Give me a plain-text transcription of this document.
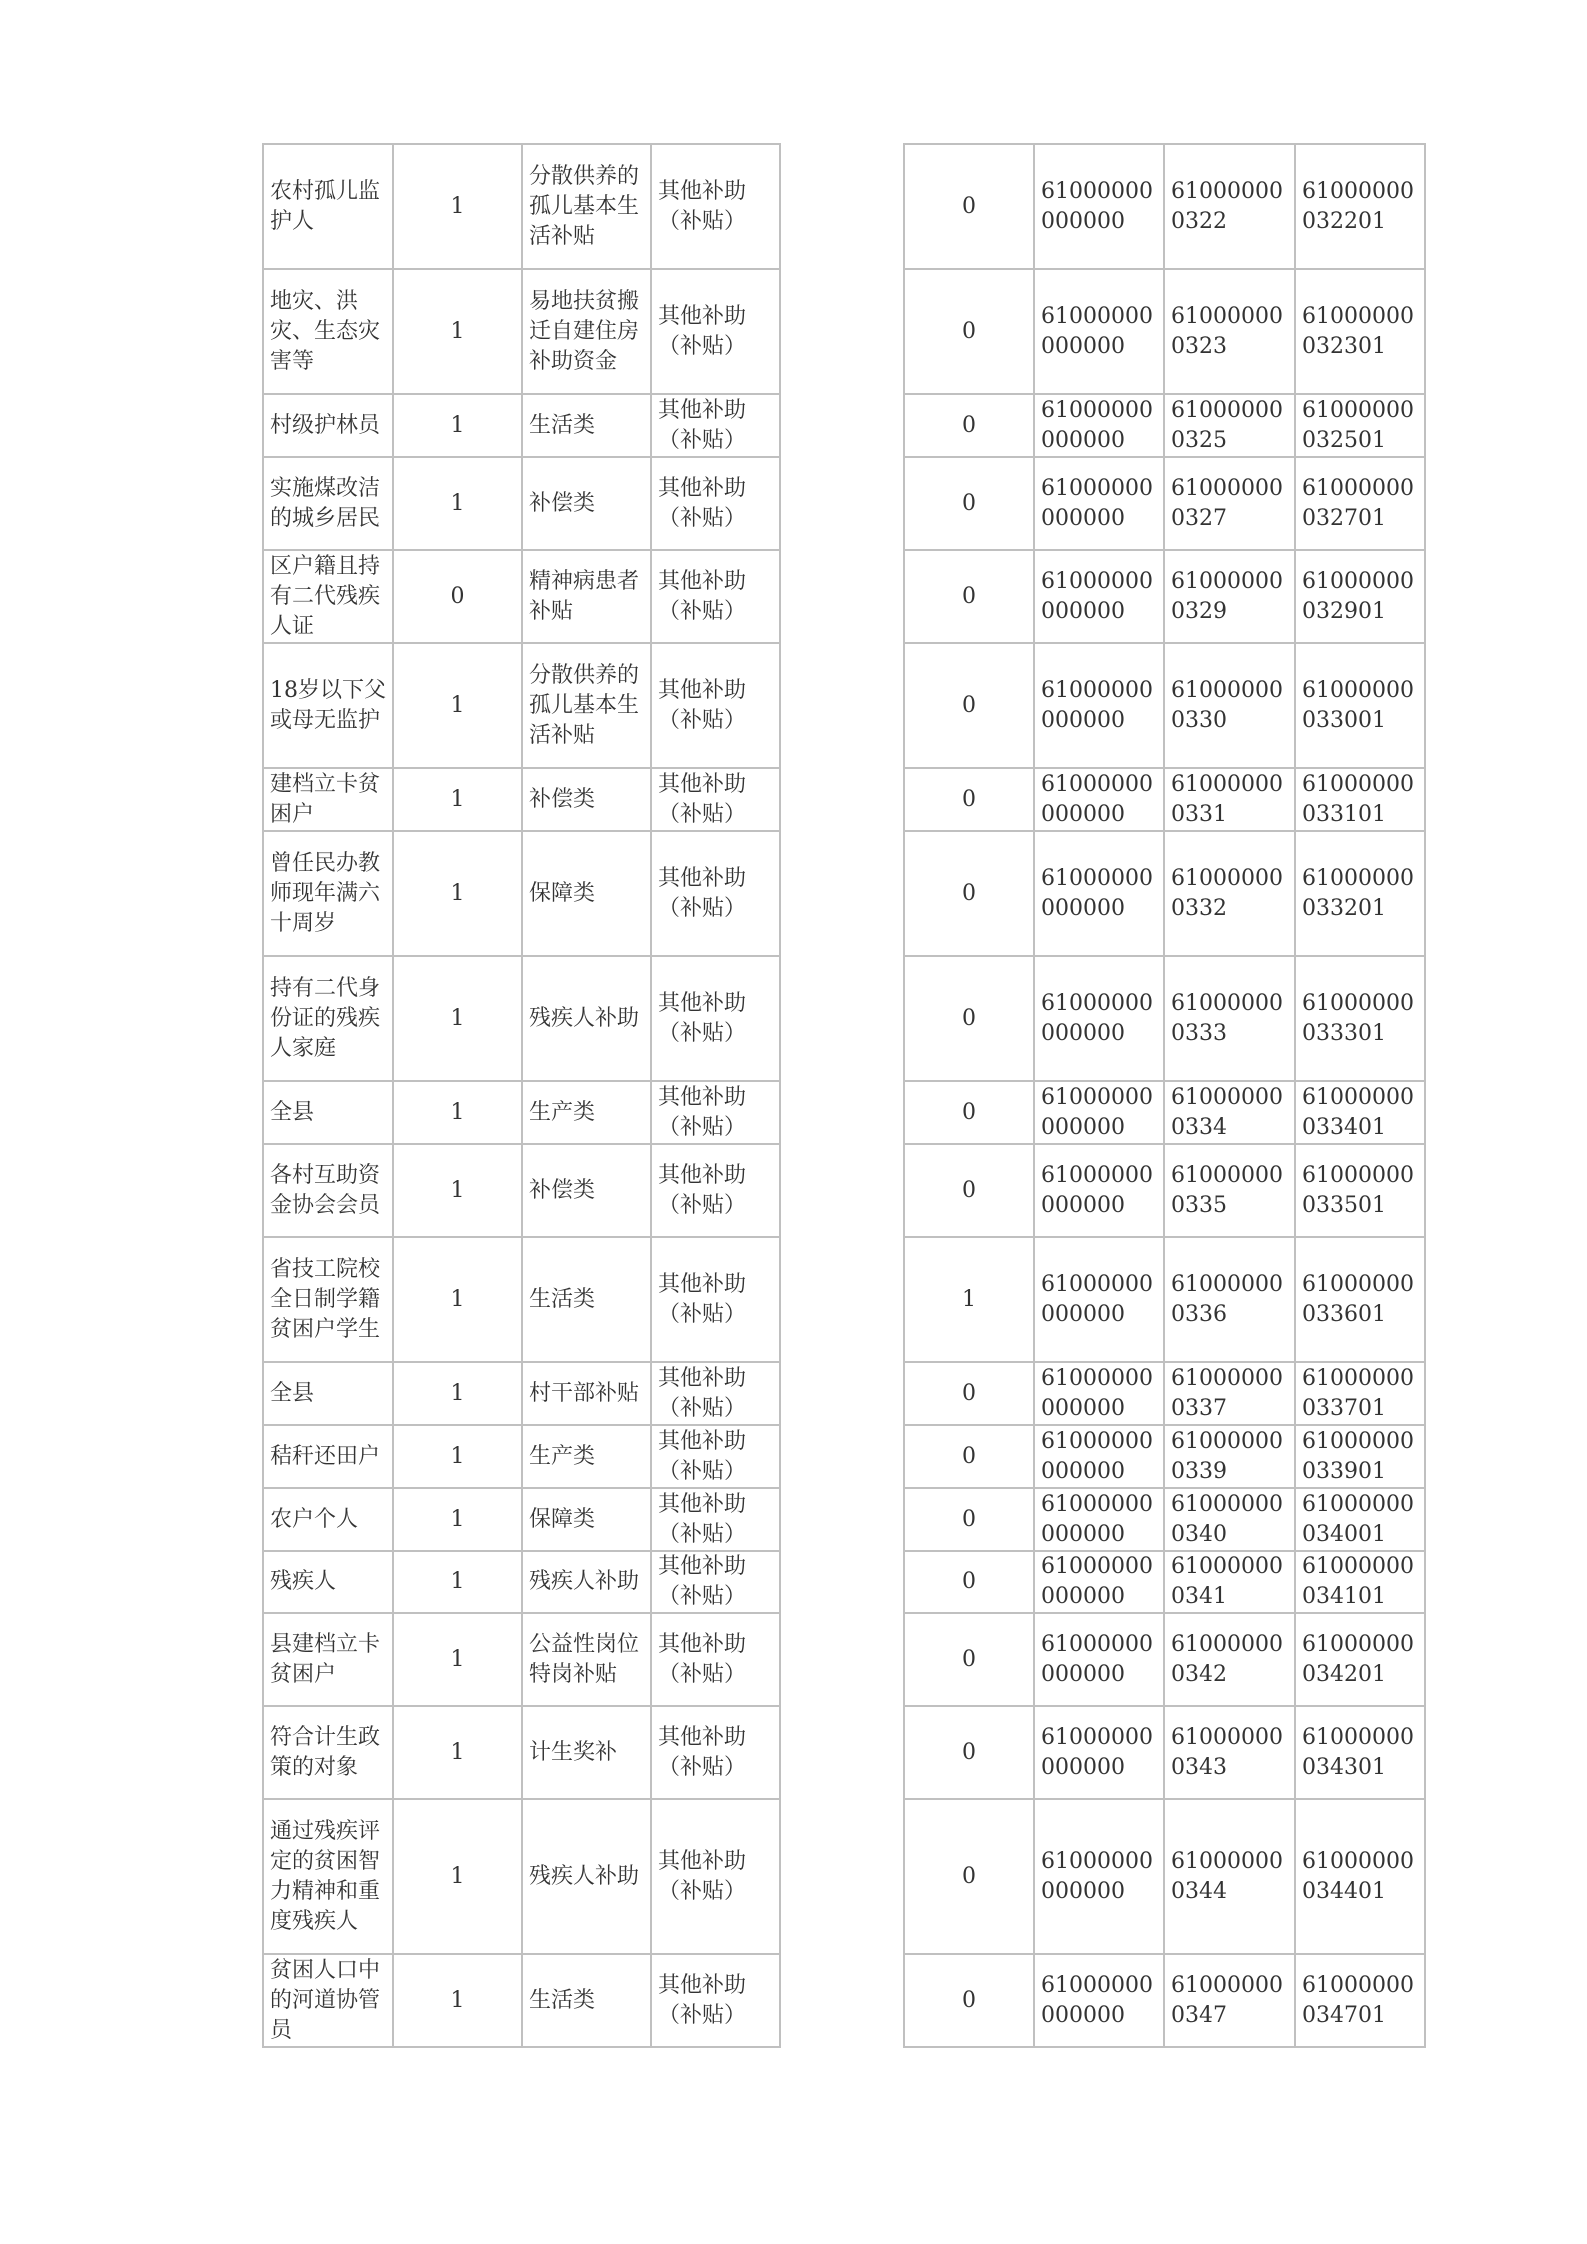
农村孤儿监护人	1	分散供养的孤儿基本生活补贴	其他补助（补贴）
地灾、洪灾、生态灾害等	1	易地扶贫搬迁自建住房补助资金	其他补助（补贴）
村级护林员	1	生活类	其他补助（补贴）
实施煤改洁的城乡居民	1	补偿类	其他补助（补贴）
区户籍且持有二代残疾人证	0	精神病患者补贴	其他补助（补贴）
18岁以下父或母无监护	1	分散供养的孤儿基本生活补贴	其他补助（补贴）
建档立卡贫困户	1	补偿类	其他补助（补贴）
曾任民办教师现年满六十周岁	1	保障类	其他补助（补贴）
持有二代身份证的残疾人家庭	1	残疾人补助	其他补助（补贴）
全县	1	生产类	其他补助（补贴）
各村互助资金协会会员	1	补偿类	其他补助（补贴）
省技工院校全日制学籍贫困户学生	1	生活类	其他补助（补贴）
全县	1	村干部补贴	其他补助（补贴）
秸秆还田户	1	生产类	其他补助（补贴）
农户个人	1	保障类	其他补助（补贴）
残疾人	1	残疾人补助	其他补助（补贴）
县建档立卡贫困户	1	公益性岗位特岗补贴	其他补助（补贴）
符合计生政策的对象	1	计生奖补	其他补助（补贴）
通过残疾评定的贫困智力精神和重度残疾人	1	残疾人补助	其他补助（补贴）
贫困人口中的河道协管员	1	生活类	其他补助（补贴）
0	61000000000000	610000000322	61000000032201
0	61000000000000	610000000323	61000000032301
0	61000000000000	610000000325	61000000032501
0	61000000000000	610000000327	61000000032701
0	61000000000000	610000000329	61000000032901
0	61000000000000	610000000330	61000000033001
0	61000000000000	610000000331	61000000033101
0	61000000000000	610000000332	61000000033201
0	61000000000000	610000000333	61000000033301
0	61000000000000	610000000334	61000000033401
0	61000000000000	610000000335	61000000033501
1	61000000000000	610000000336	61000000033601
0	61000000000000	610000000337	61000000033701
0	61000000000000	610000000339	61000000033901
0	61000000000000	610000000340	61000000034001
0	61000000000000	610000000341	61000000034101
0	61000000000000	610000000342	61000000034201
0	61000000000000	610000000343	61000000034301
0	61000000000000	610000000344	61000000034401
0	61000000000000	610000000347	61000000034701
